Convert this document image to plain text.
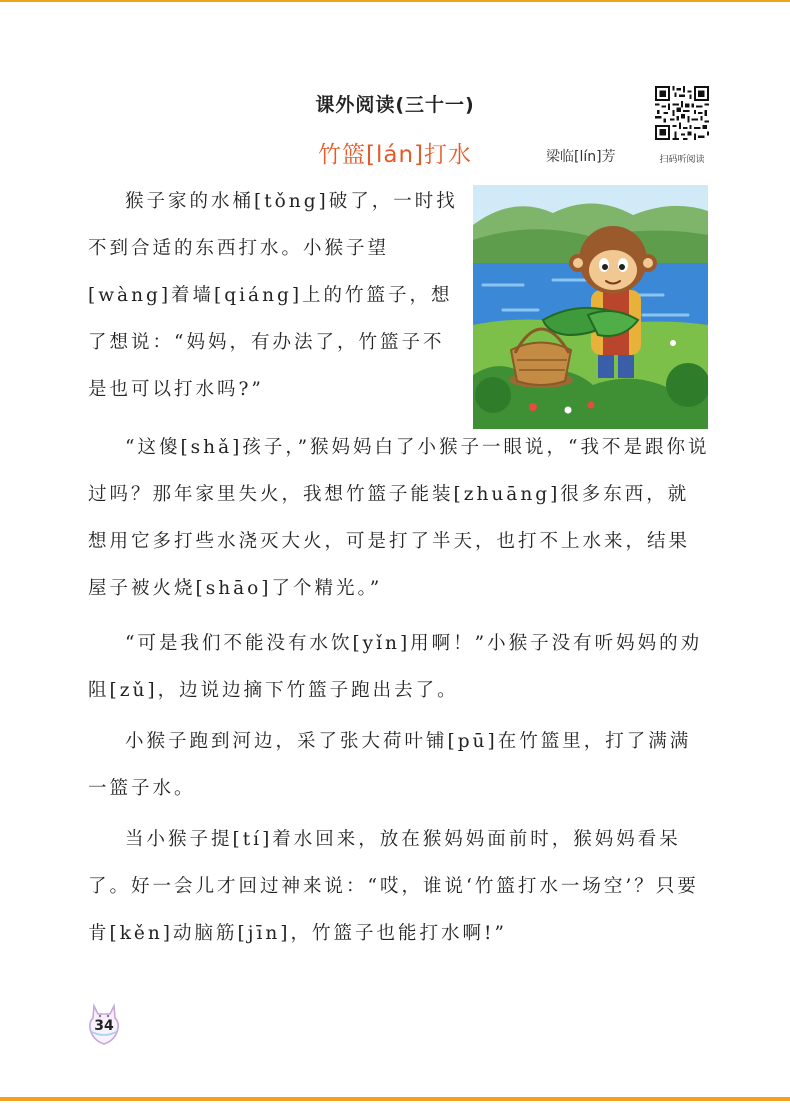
课外阅读(三十一)
竹篮[lán]打水	梁临[lín]芳	扫码听阅读

猴子家的水桶[tǒng]破了，一时找不到合适的东西打水。小猴子望[wàng]着墙[qiáng]上的竹篮子，想了想说：“妈妈，有办法了，竹篮子不是也可以打水吗?”

“这傻[shǎ]孩子，”猴妈妈白了小猴子一眼说，“我不是跟你说过吗？那年家里失火，我想竹篮子能装[zhuāng]很多东西，就想用它多打些水浇灭大火，可是打了半天，也打不上水来，结果屋子被火烧[shāo]了个精光。”

“可是我们不能没有水饮[yǐn]用啊！”小猴子没有听妈妈的劝阻[zǔ]，边说边摘下竹篮子跑出去了。

小猴子跑到河边，采了张大荷叶铺[pū]在竹篮里，打了满满一篮子水。

当小猴子提[tí]着水回来，放在猴妈妈面前时，猴妈妈看呆了。好一会儿才回过神来说：“哎，谁说‘竹篮打水一场空’？只要肯[kěn]动脑筋[jīn]，竹篮子也能打水啊!”

34
